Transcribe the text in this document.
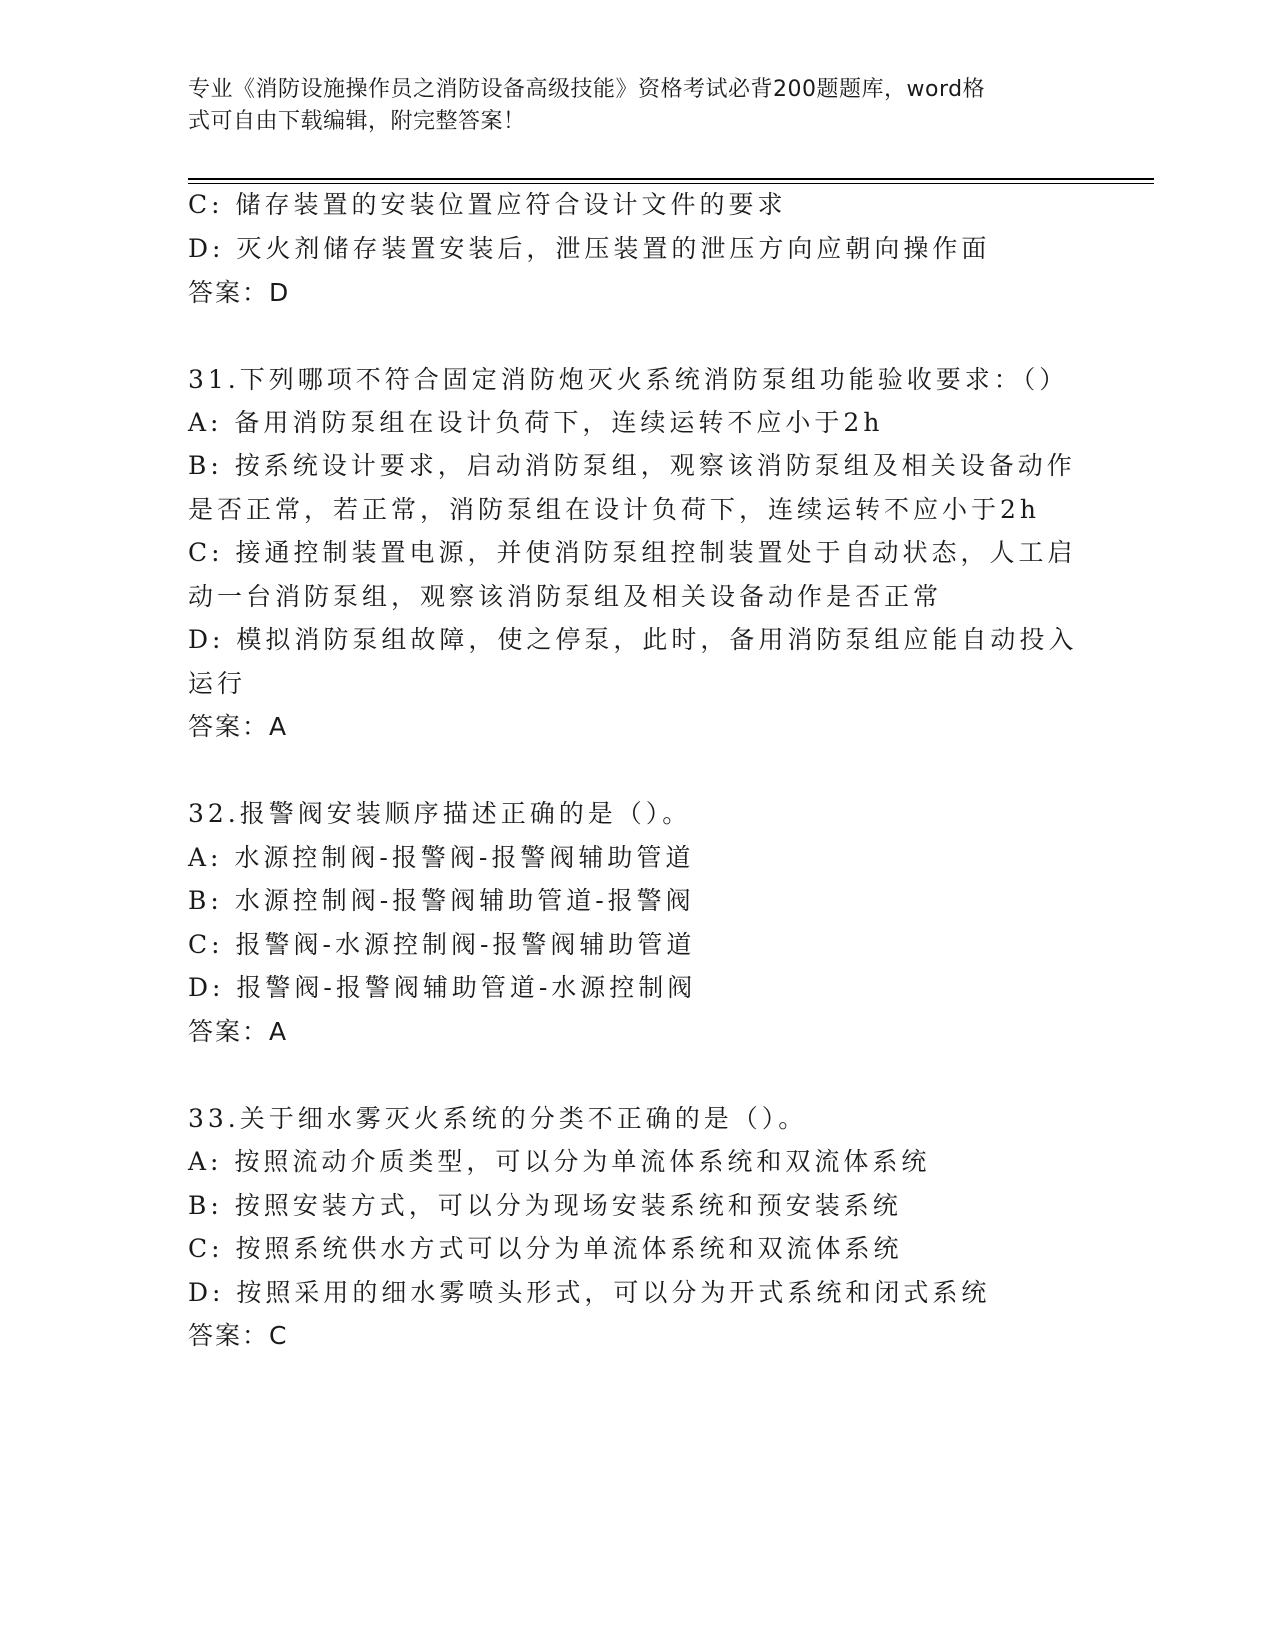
专业《消防设施操作员之消防设备高级技能》资格考试必背200题题库，word格
式可自由下载编辑，附完整答案！
C: 储存装置的安装位置应符合设计文件的要求
D: 灭火剂储存装置安装后，泄压装置的泄压方向应朝向操作面
答案：D
31.下列哪项不符合固定消防炮灭火系统消防泵组功能验收要求：（）
A: 备用消防泵组在设计负荷下，连续运转不应小于2h
B: 按系统设计要求，启动消防泵组，观察该消防泵组及相关设备动作
是否正常，若正常，消防泵组在设计负荷下，连续运转不应小于2h
C: 接通控制装置电源，并使消防泵组控制装置处于自动状态，人工启
动一台消防泵组，观察该消防泵组及相关设备动作是否正常
D: 模拟消防泵组故障，使之停泵，此时，备用消防泵组应能自动投入
运行
答案：A
32.报警阀安装顺序描述正确的是（）。
A: 水源控制阀-报警阀-报警阀辅助管道
B: 水源控制阀-报警阀辅助管道-报警阀
C: 报警阀-水源控制阀-报警阀辅助管道
D: 报警阀-报警阀辅助管道-水源控制阀
答案：A
33.关于细水雾灭火系统的分类不正确的是（）。
A: 按照流动介质类型，可以分为单流体系统和双流体系统
B: 按照安装方式，可以分为现场安装系统和预安装系统
C: 按照系统供水方式可以分为单流体系统和双流体系统
D: 按照采用的细水雾喷头形式，可以分为开式系统和闭式系统
答案：C
